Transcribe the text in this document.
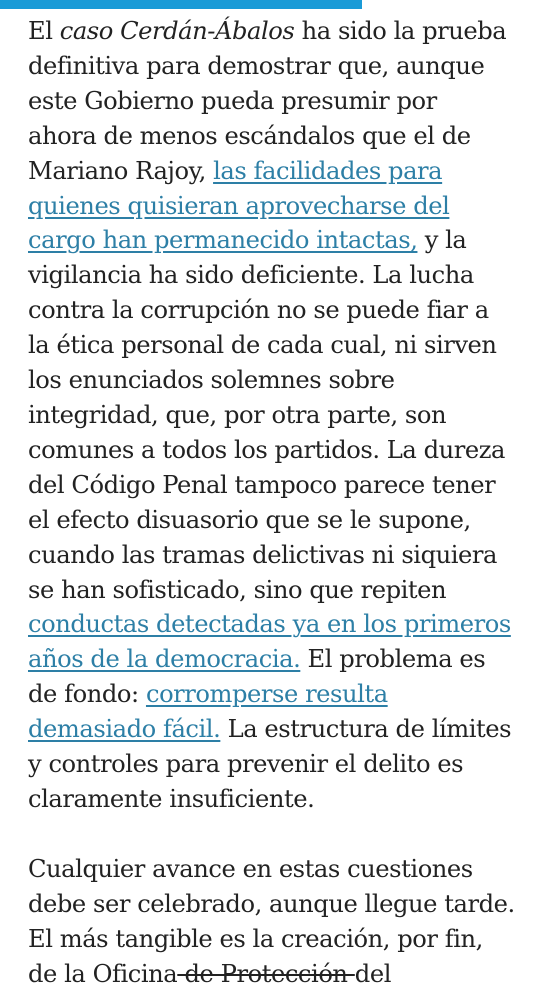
El caso Cerdán-Ábalos ha sido la prueba
definitiva para demostrar que, aunque
este Gobierno pueda presumir por
ahora de menos escándalos que el de
Mariano Rajoy, las facilidades para
quienes quisieran aprovecharse del
cargo han permanecido intactas, y la
vigilancia ha sido deficiente. La lucha
contra la corrupción no se puede fiar a
la ética personal de cada cual, ni sirven
los enunciados solemnes sobre
integridad, que, por otra parte, son
comunes a todos los partidos. La dureza
del Código Penal tampoco parece tener
el efecto disuasorio que se le supone,
cuando las tramas delictivas ni siquiera
se han sofisticado, sino que repiten
conductas detectadas ya en los primeros
años de la democracia. El problema es
de fondo: corromperse resulta
demasiado fácil. La estructura de límites
y controles para prevenir el delito es
claramente insuficiente.

Cualquier avance en estas cuestiones
debe ser celebrado, aunque llegue tarde.
El más tangible es la creación, por fin,
de la Oficina de Protección del
